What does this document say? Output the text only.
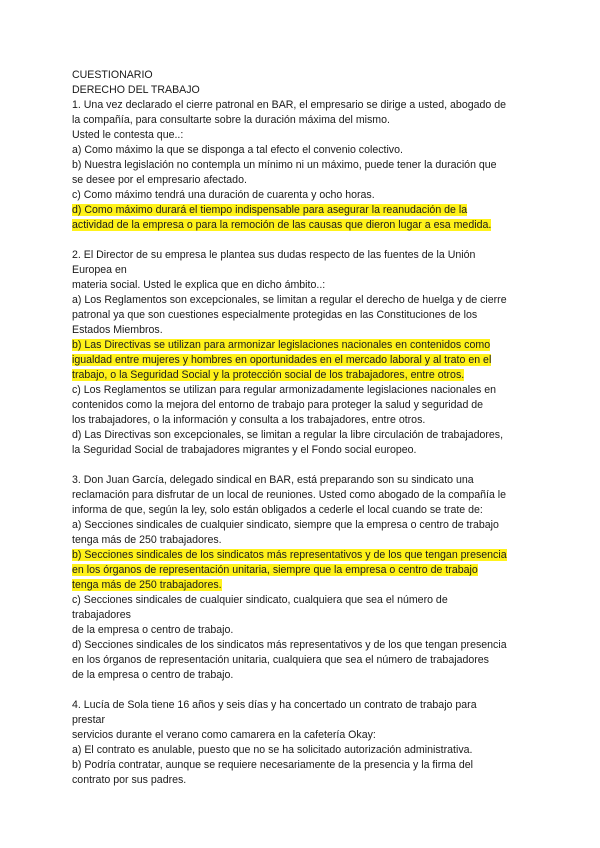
CUESTIONARIO
DERECHO DEL TRABAJO
1. Una vez declarado el cierre patronal en BAR, el empresario se dirige a usted, abogado de
la compañía, para consultarte sobre la duración máxima del mismo.
Usted le contesta que..:
a) Como máximo la que se disponga a tal efecto el convenio colectivo.
b) Nuestra legislación no contempla un mínimo ni un máximo, puede tener la duración que
se desee por el empresario afectado.
c) Como máximo tendrá una duración de cuarenta y ocho horas.
d) Como máximo durará el tiempo indispensable para asegurar la reanudación de la
actividad de la empresa o para la remoción de las causas que dieron lugar a esa medida.
2. El Director de su empresa le plantea sus dudas respecto de las fuentes de la Unión
Europea en
materia social. Usted le explica que en dicho ámbito..:
a) Los Reglamentos son excepcionales, se limitan a regular el derecho de huelga y de cierre
patronal ya que son cuestiones especialmente protegidas en las Constituciones de los
Estados Miembros.
b) Las Directivas se utilizan para armonizar legislaciones nacionales en contenidos como
igualdad entre mujeres y hombres en oportunidades en el mercado laboral y al trato en el
trabajo, o la Seguridad Social y la protección social de los trabajadores, entre otros.
c) Los Reglamentos se utilizan para regular armonizadamente legislaciones nacionales en
contenidos como la mejora del entorno de trabajo para proteger la salud y seguridad de
los trabajadores, o la información y consulta a los trabajadores, entre otros.
d) Las Directivas son excepcionales, se limitan a regular la libre circulación de trabajadores,
la Seguridad Social de trabajadores migrantes y el Fondo social europeo.
3. Don Juan García, delegado sindical en BAR, está preparando son su sindicato una
reclamación para disfrutar de un local de reuniones. Usted como abogado de la compañía le
informa de que, según la ley, solo están obligados a cederle el local cuando se trate de:
a) Secciones sindicales de cualquier sindicato, siempre que la empresa o centro de trabajo
tenga más de 250 trabajadores.
b) Secciones sindicales de los sindicatos más representativos y de los que tengan presencia
en los órganos de representación unitaria, siempre que la empresa o centro de trabajo
tenga más de 250 trabajadores.
c) Secciones sindicales de cualquier sindicato, cualquiera que sea el número de
trabajadores
de la empresa o centro de trabajo.
d) Secciones sindicales de los sindicatos más representativos y de los que tengan presencia
en los órganos de representación unitaria, cualquiera que sea el número de trabajadores
de la empresa o centro de trabajo.
4. Lucía de Sola tiene 16 años y seis días y ha concertado un contrato de trabajo para
prestar
servicios durante el verano como camarera en la cafetería Okay:
a) El contrato es anulable, puesto que no se ha solicitado autorización administrativa.
b) Podría contratar, aunque se requiere necesariamente de la presencia y la firma del
contrato por sus padres.
